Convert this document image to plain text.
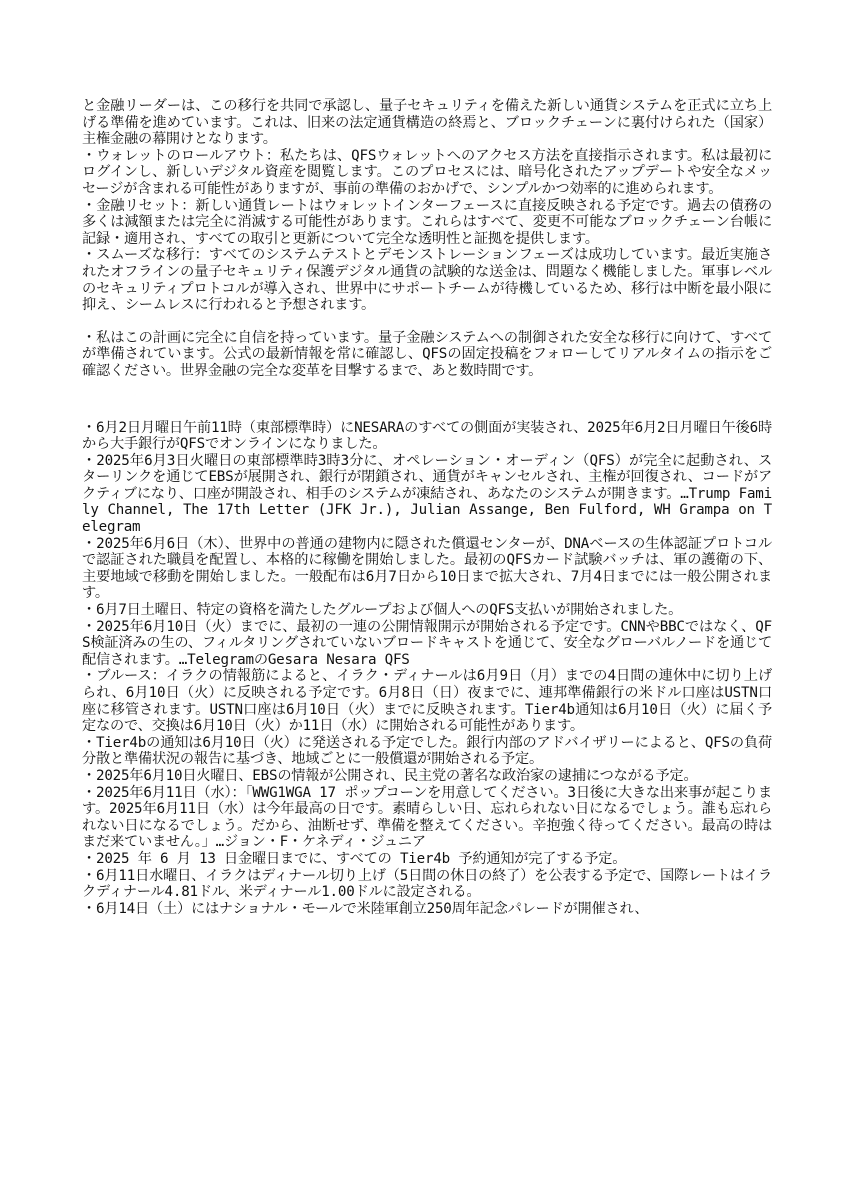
と金融リーダーは、この移行を共同で承認し、量子セキュリティを備えた新しい通貨システムを正式に立ち上げる準備を進めています。これは、旧来の法定通貨構造の終焉と、ブロックチェーンに裏付けられた（国家）主権金融の幕開けとなります。

・ウォレットのロールアウト：私たちは、QFSウォレットへのアクセス方法を直接指示されます。私は最初にログインし、新しいデジタル資産を閲覧します。このプロセスには、暗号化されたアップデートや安全なメッセージが含まれる可能性がありますが、事前の準備のおかげで、シンプルかつ効率的に進められます。

・金融リセット：新しい通貨レートはウォレットインターフェースに直接反映される予定です。過去の債務の多くは減額または完全に消滅する可能性があります。これらはすべて、変更不可能なブロックチェーン台帳に記録・適用され、すべての取引と更新について完全な透明性と証拠を提供します。

・スムーズな移行：すべてのシステムテストとデモンストレーションフェーズは成功しています。最近実施されたオフラインの量子セキュリティ保護デジタル通貨の試験的な送金は、問題なく機能しました。軍事レベルのセキュリティプロトコルが導入され、世界中にサポートチームが待機しているため、移行は中断を最小限に抑え、シームレスに行われると予想されます。

・私はこの計画に完全に自信を持っています。量子金融システムへの制御された安全な移行に向けて、すべてが準備されています。公式の最新情報を常に確認し、QFSの固定投稿をフォローしてリアルタイムの指示をご確認ください。世界金融の完全な変革を目撃するまで、あと数時間です。

・6月2日月曜日午前11時（東部標準時）にNESARAのすべての側面が実装され、2025年6月2日月曜日午後6時から大手銀行がQFSでオンラインになりました。

・2025年6月3日火曜日の東部標準時3時3分に、オペレーション・オーディン（QFS）が完全に起動され、スターリンクを通じてEBSが展開され、銀行が閉鎖され、通貨がキャンセルされ、主権が回復され、コードがアクティブになり、口座が開設され、相手のシステムが凍結され、あなたのシステムが開きます。…Trump Family Channel, The 17th Letter (JFK Jr.), Julian Assange, Ben Fulford, WH Grampa on Telegram

・2025年6月6日（木）、世界中の普通の建物内に隠された償還センターが、DNAベースの生体認証プロトコルで認証された職員を配置し、本格的に稼働を開始しました。最初のQFSカード試験バッチは、軍の護衛の下、主要地域で移動を開始しました。一般配布は6月7日から10日まで拡大され、7月4日までには一般公開されます。

・6月7日土曜日、特定の資格を満たしたグループおよび個人へのQFS支払いが開始されました。

・2025年6月10日（火）までに、最初の一連の公開情報開示が開始される予定です。CNNやBBCではなく、QFS検証済みの生の、フィルタリングされていないブロードキャストを通じて、安全なグローバルノードを通じて配信されます。…TelegramのGesara Nesara QFS

・ブルース：イラクの情報筋によると、イラク・ディナールは6月9日（月）までの4日間の連休中に切り上げられ、6月10日（火）に反映される予定です。6月8日（日）夜までに、連邦準備銀行の米ドル口座はUSTN口座に移管されます。USTN口座は6月10日（火）までに反映されます。Tier4b通知は6月10日（火）に届く予定なので、交換は6月10日（火）か11日（水）に開始される可能性があります。

・Tier4bの通知は6月10日（火）に発送される予定でした。銀行内部のアドバイザリーによると、QFSの負荷分散と準備状況の報告に基づき、地域ごとに一般償還が開始される予定。

・2025年6月10日火曜日、EBSの情報が公開され、民主党の著名な政治家の逮捕につながる予定。

・2025年6月11日（水）：「WWG1WGA 17 ポップコーンを用意してください。3日後に大きな出来事が起こります。2025年6月11日（水）は今年最高の日です。素晴らしい日、忘れられない日になるでしょう。誰も忘れられない日になるでしょう。だから、油断せず、準備を整えてください。辛抱強く待ってください。最高の時はまだ来ていません。」…ジョン・F・ケネディ・ジュニア

・2025 年 6 月 13 日金曜日までに、すべての Tier4b 予約通知が完了する予定。

・6月11日水曜日、イラクはディナール切り上げ（5日間の休日の終了）を公表する予定で、国際レートはイラクディナール4.81ドル、米ディナール1.00ドルに設定される。

・6月14日（土）にはナショナル・モールで米陸軍創立250周年記念パレードが開催され、
